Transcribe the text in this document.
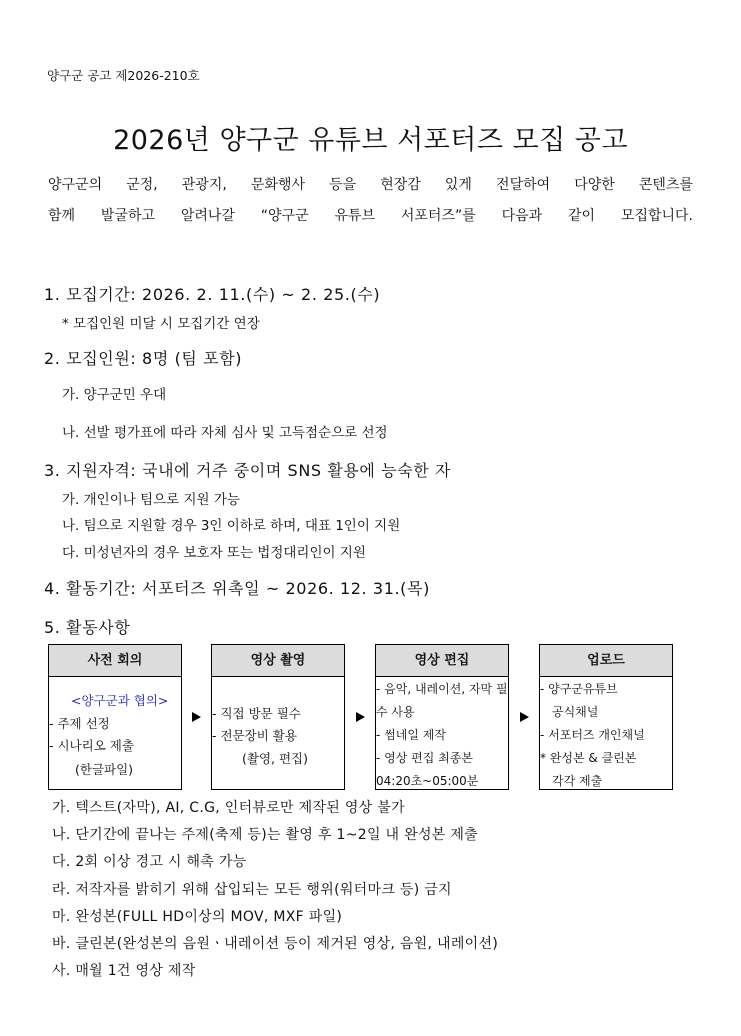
양구군 공고 제2026-210호
2026년 양구군 유튜브 서포터즈 모집 공고
양구군의 군정, 관광지, 문화행사 등을 현장감 있게 전달하여 다양한 콘텐츠를
함께 발굴하고 알려나갈 “양구군 유튜브 서포터즈”를 다음과 같이 모집합니다.
1. 모집기간: 2026. 2. 11.(수) ~ 2. 25.(수)
* 모집인원 미달 시 모집기간 연장
2. 모집인원: 8명 (팀 포함)
가. 양구군민 우대
나. 선발 평가표에 따라 자체 심사 및 고득점순으로 선정
3. 지원자격: 국내에 거주 중이며 SNS 활용에 능숙한 자
가. 개인이나 팀으로 지원 가능
나. 팀으로 지원할 경우 3인 이하로 하며, 대표 1인이 지원
다. 미성년자의 경우 보호자 또는 법정대리인이 지원
4. 활동기간: 서포터즈 위촉일 ~ 2026. 12. 31.(목)
5. 활동사항
사전 회의
<양구군과 협의>
- 주제 선정
- 시나리오 제출
(한글파일)
영상 촬영
- 직접 방문 필수
- 전문장비 활용
(촬영, 편집)
영상 편집
- 음악, 내레이션, 자막 필
수 사용
- 썸네일 제작
- 영상 편집 최종본
04:20초~05:00분
업로드
- 양구군유튜브
공식채널
- 서포터즈 개인채널
* 완성본 & 클린본
각각 제출
가. 텍스트(자막), AI, C.G, 인터뷰로만 제작된 영상 불가
나. 단기간에 끝나는 주제(축제 등)는 촬영 후 1~2일 내 완성본 제출
다. 2회 이상 경고 시 해촉 가능
라. 저작자를 밝히기 위해 삽입되는 모든 행위(워터마크 등) 금지
마. 완성본(FULL HD이상의 MOV, MXF 파일)
바. 클린본(완성본의 음원ㆍ내레이션 등이 제거된 영상, 음원, 내레이션)
사. 매월 1건 영상 제작
